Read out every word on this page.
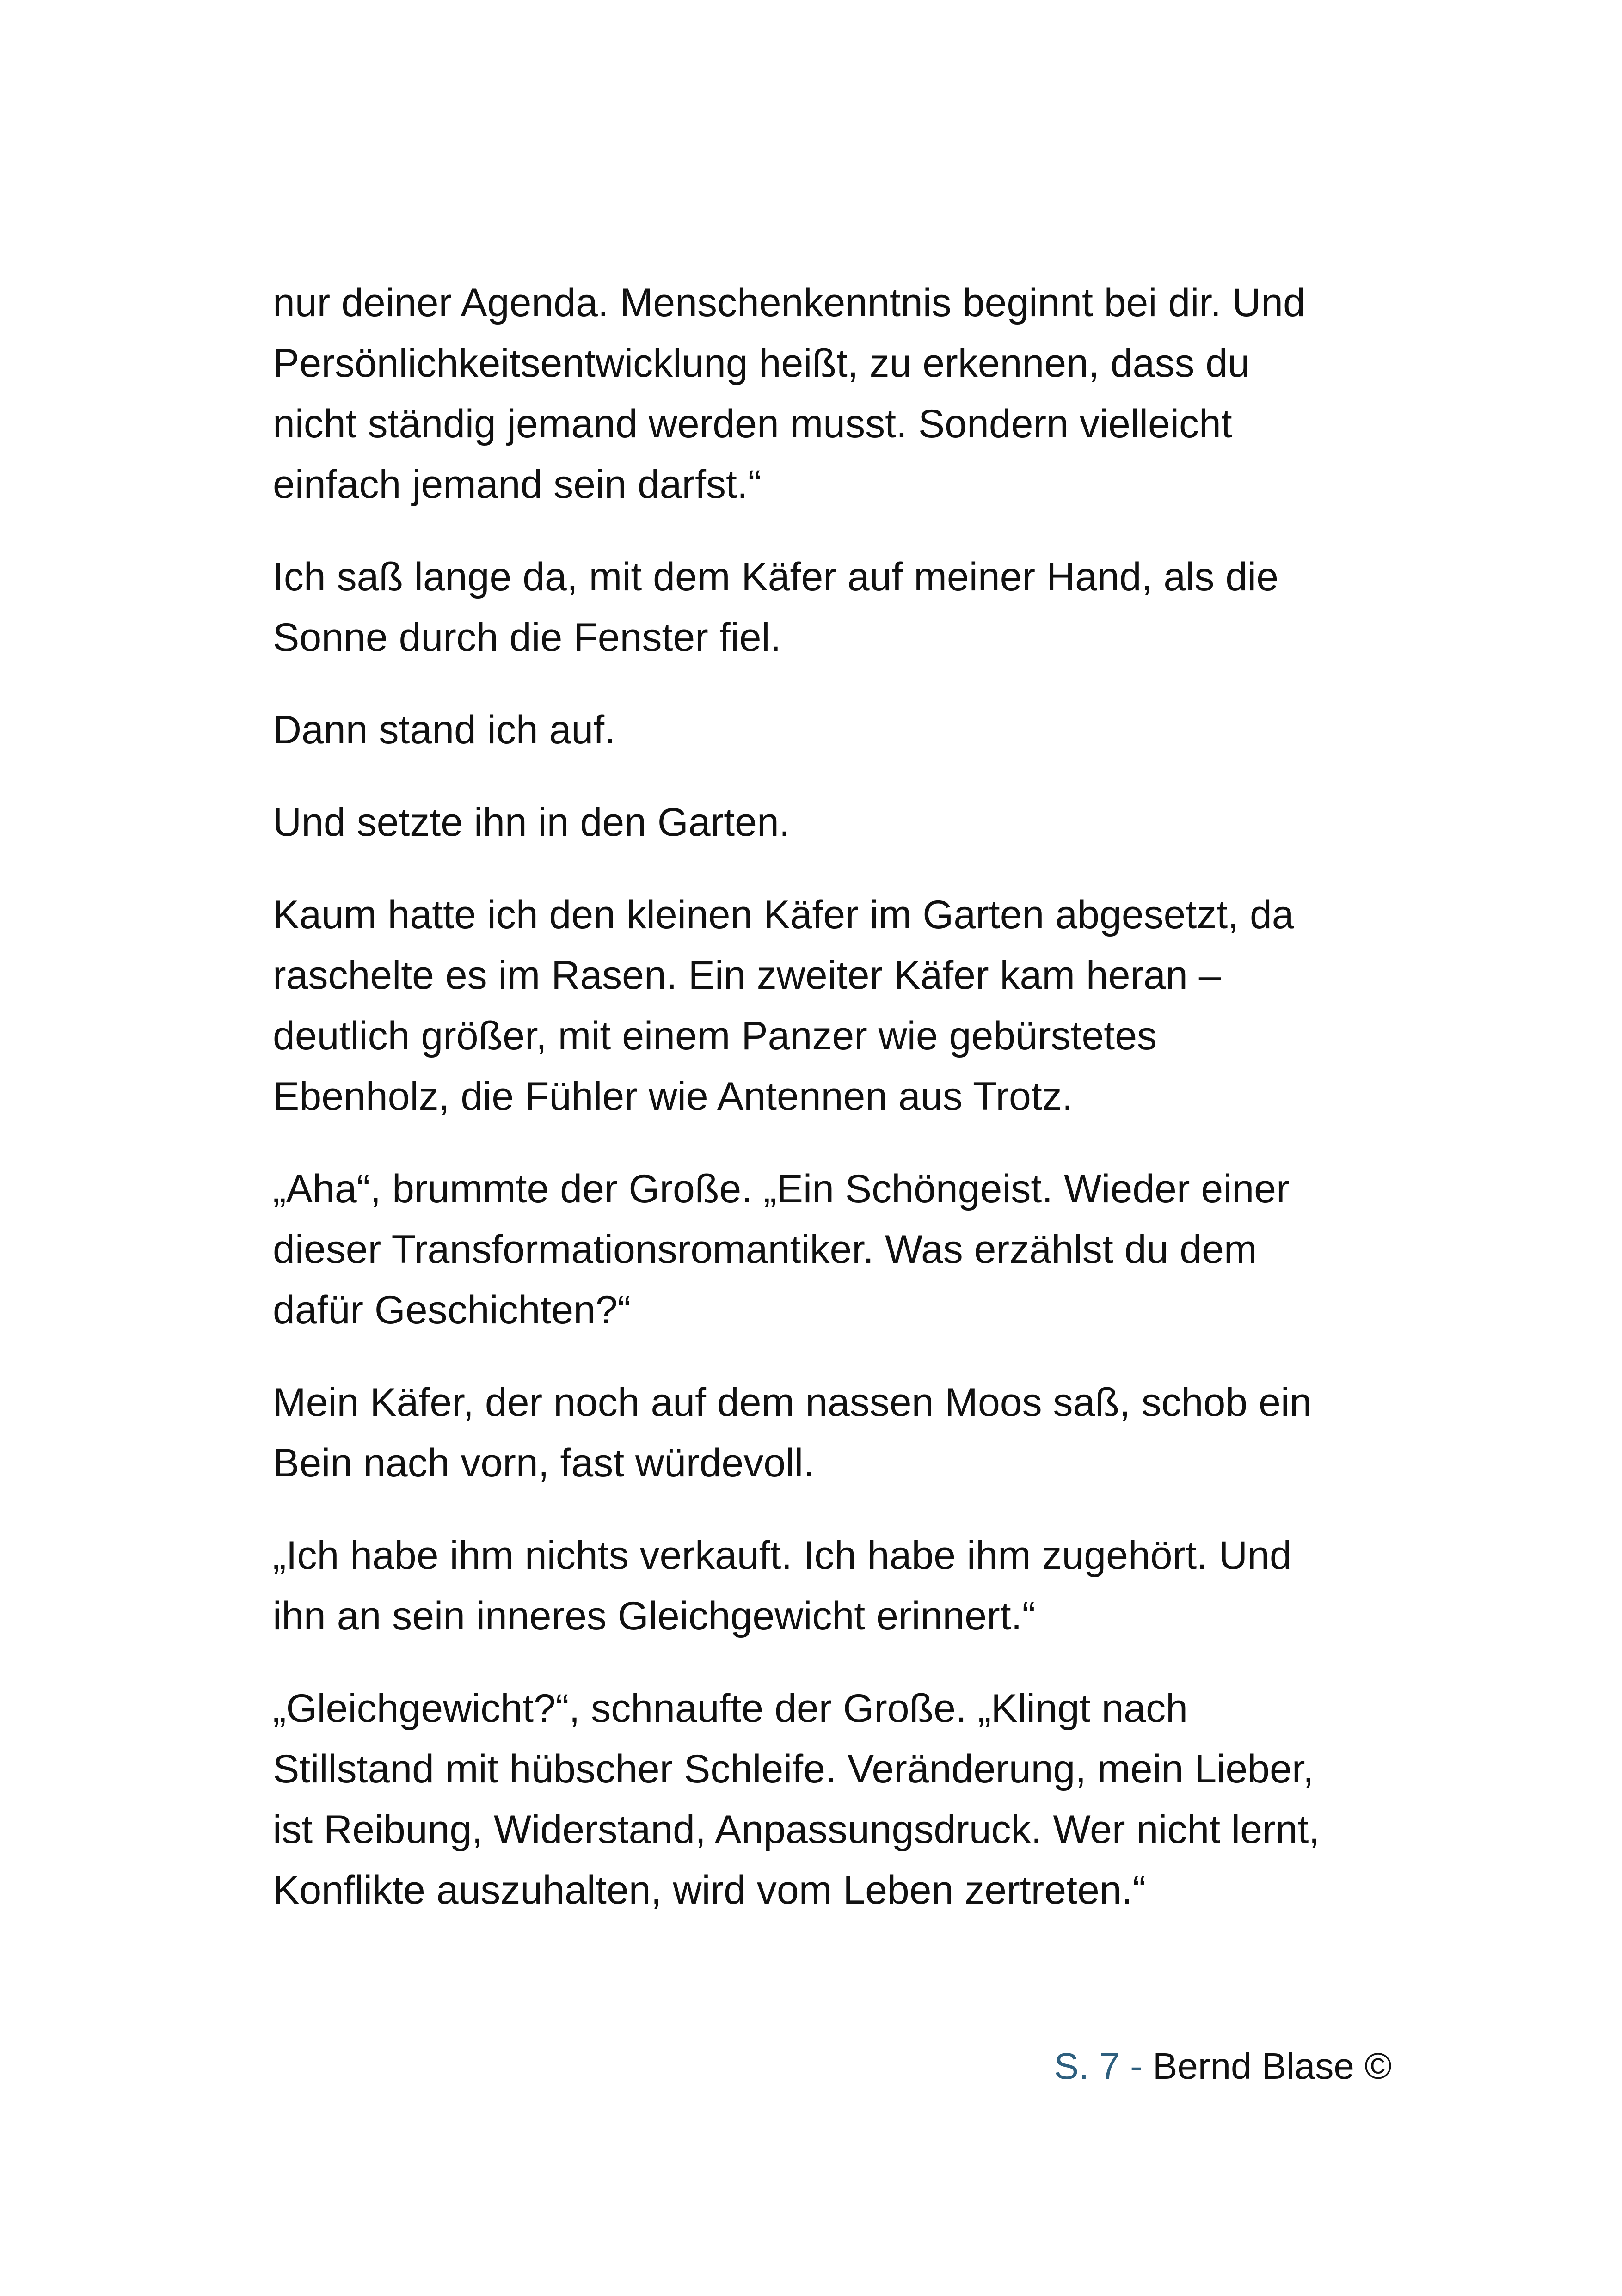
nur deiner Agenda. Menschenkenntnis beginnt bei dir. Und
Persönlichkeitsentwicklung heißt, zu erkennen, dass du
nicht ständig jemand werden musst. Sondern vielleicht
einfach jemand sein darfst.“

Ich saß lange da, mit dem Käfer auf meiner Hand, als die
Sonne durch die Fenster fiel.

Dann stand ich auf.

Und setzte ihn in den Garten.

Kaum hatte ich den kleinen Käfer im Garten abgesetzt, da
raschelte es im Rasen. Ein zweiter Käfer kam heran –
deutlich größer, mit einem Panzer wie gebürstetes
Ebenholz, die Fühler wie Antennen aus Trotz.

„Aha“, brummte der Große. „Ein Schöngeist. Wieder einer
dieser Transformationsromantiker. Was erzählst du dem
dafür Geschichten?“

Mein Käfer, der noch auf dem nassen Moos saß, schob ein
Bein nach vorn, fast würdevoll.

„Ich habe ihm nichts verkauft. Ich habe ihm zugehört. Und
ihn an sein inneres Gleichgewicht erinnert.“

„Gleichgewicht?“, schnaufte der Große. „Klingt nach
Stillstand mit hübscher Schleife. Veränderung, mein Lieber,
ist Reibung, Widerstand, Anpassungsdruck. Wer nicht lernt,
Konflikte auszuhalten, wird vom Leben zertreten.“

S. 7 - Bernd Blase ©
